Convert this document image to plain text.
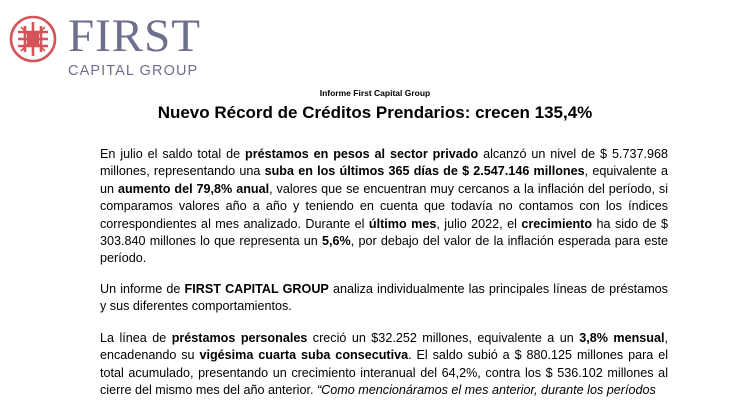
FIRST
CAPITAL GROUP
Informe First Capital Group
Nuevo Récord de Créditos Prendarios: crecen 135,4%

En julio el saldo total de préstamos en pesos al sector privado alcanzó un nivel de $ 5.737.968 millones, representando una suba en los últimos 365 días de $ 2.547.146 millones, equivalente a un aumento del 79,8% anual, valores que se encuentran muy cercanos a la inflación del período, si comparamos valores año a año y teniendo en cuenta que todavía no contamos con los índices correspondientes al mes analizado. Durante el último mes, julio 2022, el crecimiento ha sido de $ 303.840 millones lo que representa un 5,6%, por debajo del valor de la inflación esperada para este período.

Un informe de FIRST CAPITAL GROUP analiza individualmente las principales líneas de préstamos y sus diferentes comportamientos.

La línea de préstamos personales creció un $32.252 millones, equivalente a un 3,8% mensual, encadenando su vigésima cuarta suba consecutiva. El saldo subió a $ 880.125 millones para el total acumulado, presentando un crecimiento interanual del 64,2%, contra los $ 536.102 millones al cierre del mismo mes del año anterior. “Como mencionáramos el mes anterior, durante los períodos
